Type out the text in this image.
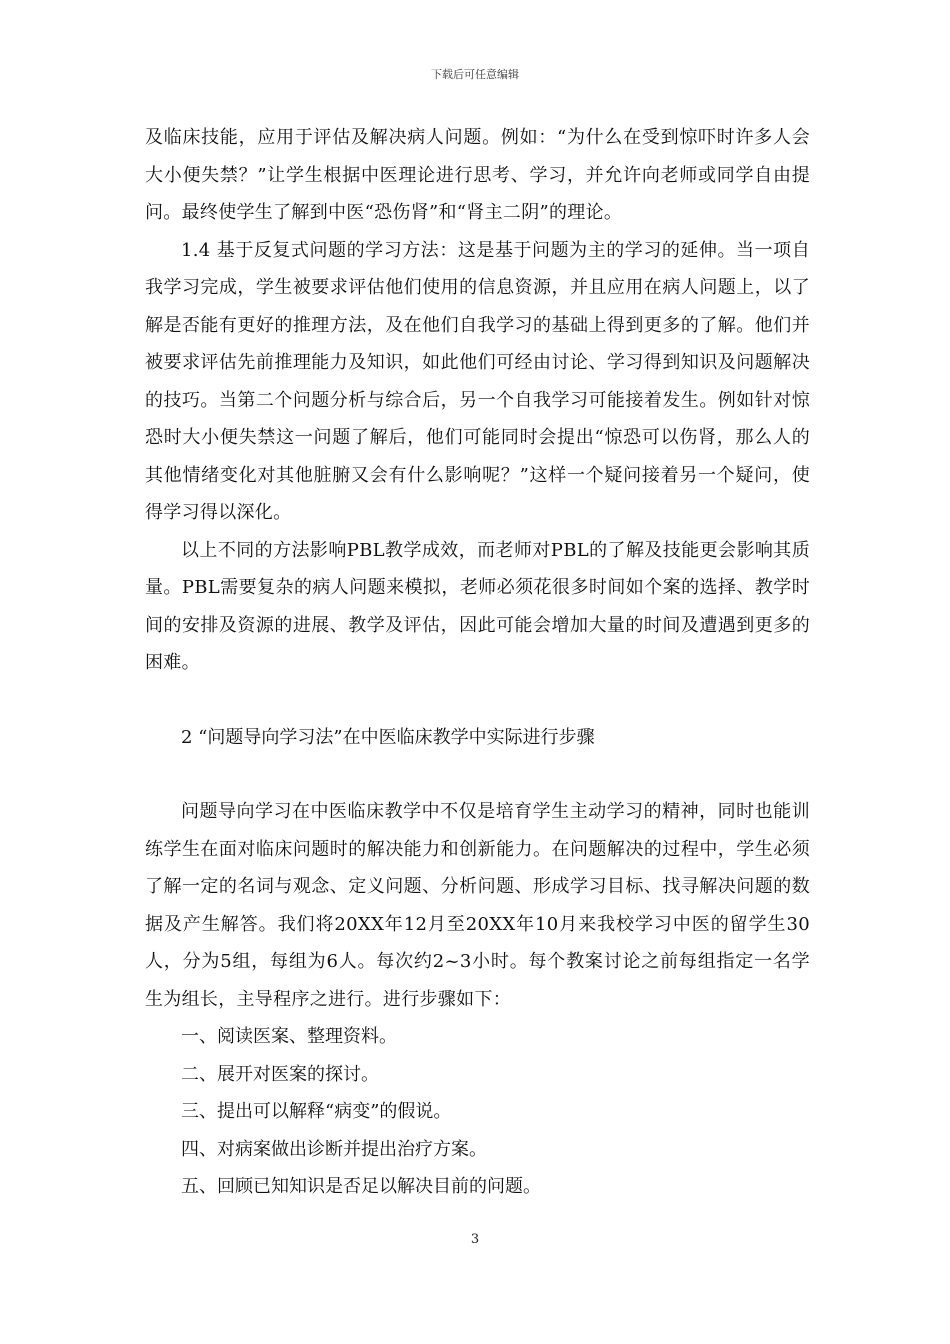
下载后可任意编辑

及临床技能，应用于评估及解决病人问题。例如：“为什么在受到惊吓时许多人会大小便失禁？”让学生根据中医理论进行思考、学习，并允许向老师或同学自由提问。最终使学生了解到中医“恐伤肾”和“肾主二阴”的理论。

1.4 基于反复式问题的学习方法：这是基于问题为主的学习的延伸。当一项自我学习完成，学生被要求评估他们使用的信息资源，并且应用在病人问题上，以了解是否能有更好的推理方法，及在他们自我学习的基础上得到更多的了解。他们并被要求评估先前推理能力及知识，如此他们可经由讨论、学习得到知识及问题解决的技巧。当第二个问题分析与综合后，另一个自我学习可能接着发生。例如针对惊恐时大小便失禁这一问题了解后，他们可能同时会提出“惊恐可以伤肾，那么人的其他情绪变化对其他脏腑又会有什么影响呢？”这样一个疑问接着另一个疑问，使得学习得以深化。

以上不同的方法影响PBL教学成效，而老师对PBL的了解及技能更会影响其质量。PBL需要复杂的病人问题来模拟，老师必须花很多时间如个案的选择、教学时间的安排及资源的进展、教学及评估，因此可能会增加大量的时间及遭遇到更多的困难。

2 “问题导向学习法”在中医临床教学中实际进行步骤

问题导向学习在中医临床教学中不仅是培育学生主动学习的精神，同时也能训练学生在面对临床问题时的解决能力和创新能力。在问题解决的过程中，学生必须了解一定的名词与观念、定义问题、分析问题、形成学习目标、找寻解决问题的数据及产生解答。我们将20XX年12月至20XX年10月来我校学习中医的留学生30人，分为5组，每组为6人。每次约2~3小时。每个教案讨论之前每组指定一名学生为组长，主导程序之进行。进行步骤如下：

一、阅读医案、整理资料。

二、展开对医案的探讨。

三、提出可以解释“病变”的假说。

四、对病案做出诊断并提出治疗方案。

五、回顾已知知识是否足以解决目前的问题。

3
